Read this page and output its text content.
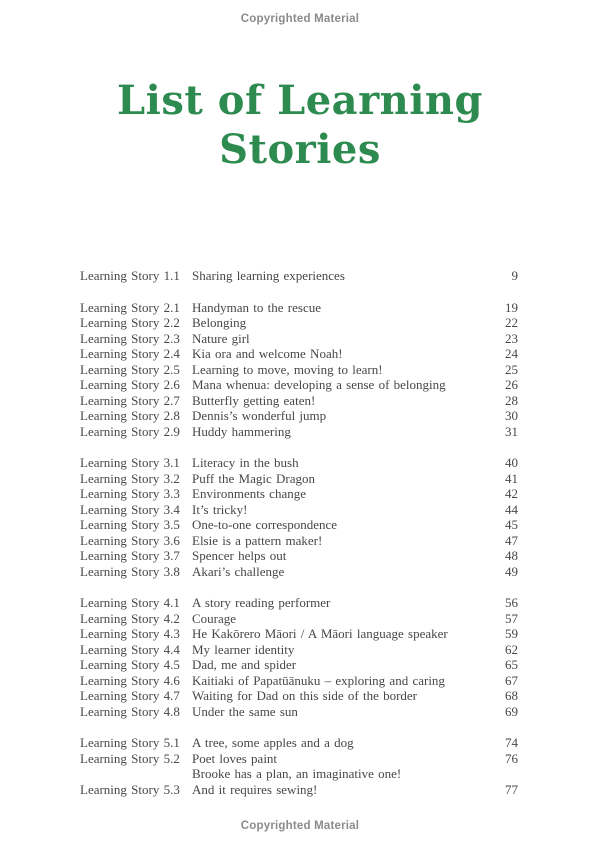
Copyrighted Material
List of Learning
Stories
Learning Story 1.1 Sharing learning experiences	9
Learning Story 2.1 Handyman to the rescue	19
Learning Story 2.2 Belonging	22
Learning Story 2.3 Nature girl	23
Learning Story 2.4 Kia ora and welcome Noah!	24
Learning Story 2.5 Learning to move, moving to learn!	25
Learning Story 2.6 Mana whenua: developing a sense of belonging	26
Learning Story 2.7 Butterfly getting eaten!	28
Learning Story 2.8 Dennis’s wonderful jump	30
Learning Story 2.9 Huddy hammering	31
Learning Story 3.1 Literacy in the bush	40
Learning Story 3.2 Puff the Magic Dragon	41
Learning Story 3.3 Environments change	42
Learning Story 3.4 It’s tricky!	44
Learning Story 3.5 One-to-one correspondence	45
Learning Story 3.6 Elsie is a pattern maker!	47
Learning Story 3.7 Spencer helps out	48
Learning Story 3.8 Akari’s challenge	49
Learning Story 4.1 A story reading performer	56
Learning Story 4.2 Courage	57
Learning Story 4.3 He Kakōrero Māori / A Māori language speaker	59
Learning Story 4.4 My learner identity	62
Learning Story 4.5 Dad, me and spider	65
Learning Story 4.6 Kaitiaki of Papatūānuku – exploring and caring	67
Learning Story 4.7 Waiting for Dad on this side of the border	68
Learning Story 4.8 Under the same sun	69
Learning Story 5.1 A tree, some apples and a dog	74
Learning Story 5.2 Poet loves paint	76
Learning Story 5.3
Brooke has a plan, an imaginative one!
And it requires sewing!	77
Copyrighted Material
